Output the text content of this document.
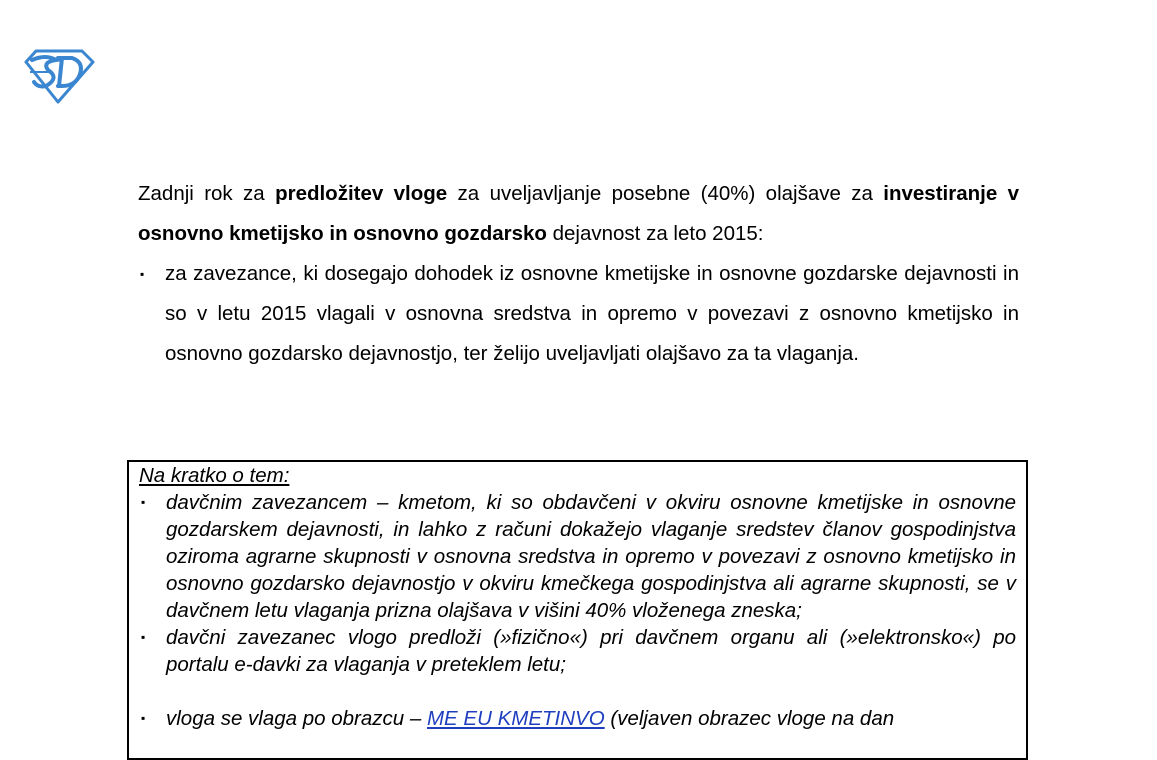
Zadnji rok za predložitev vloge za uveljavljanje posebne (40%) olajšave za investiranje v osnovno kmetijsko in osnovno gozdarsko dejavnost za leto 2015:

▪ za zavezance, ki dosegajo dohodek iz osnovne kmetijske in osnovne gozdarske dejavnosti in so v letu 2015 vlagali v osnovna sredstva in opremo v povezavi z osnovno kmetijsko in osnovno gozdarsko dejavnostjo, ter želijo uveljavljati olajšavo za ta vlaganja.

Na kratko o tem:

▪ davčnim zavezancem – kmetom, ki so obdavčeni v okviru osnovne kmetijske in osnovne gozdarskem dejavnosti, in lahko z računi dokažejo vlaganje sredstev članov gospodinjstva oziroma agrarne skupnosti v osnovna sredstva in opremo v povezavi z osnovno kmetijsko in osnovno gozdarsko dejavnostjo v okviru kmečkega gospodinjstva ali agrarne skupnosti, se v davčnem letu vlaganja prizna olajšava v višini 40% vloženega zneska;
▪ davčni zavezanec vlogo predloži (»fizično«) pri davčnem organu ali (»elektronsko«) po portalu e-davki za vlaganja v preteklem letu;
▪ vloga se vlaga po obrazcu – ME EU KMETINVO (veljaven obrazec vloge na dan
